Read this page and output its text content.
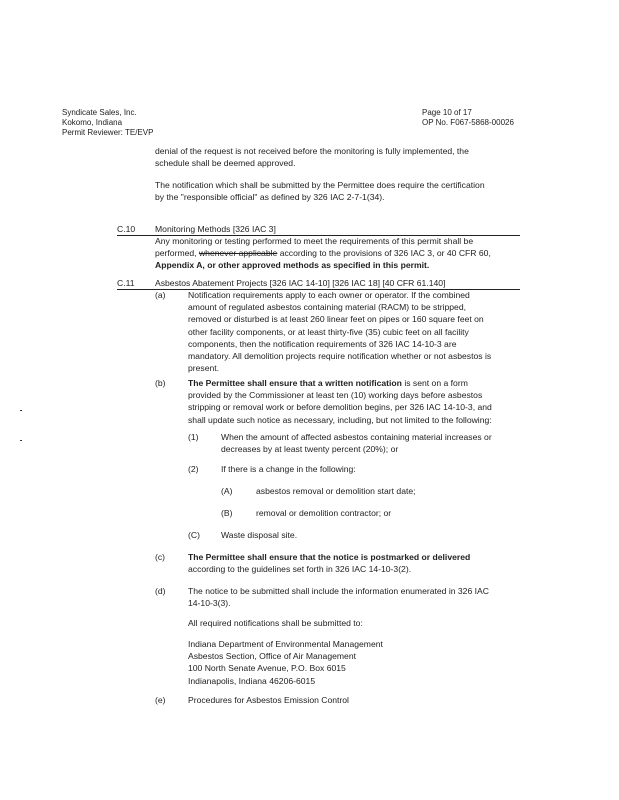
Syndicate Sales, Inc.
Kokomo, Indiana
Permit Reviewer: TE/EVP
Page 10 of 17
OP No. F067-5868-00026
denial of the request is not received before the monitoring is fully implemented, the
schedule shall be deemed approved.
The notification which shall be submitted by the Permittee does require the certification
by the "responsible official" as defined by 326 IAC 2-7-1(34).
C.10 Monitoring Methods [326 IAC 3]
Any monitoring or testing performed to meet the requirements of this permit shall be
performed, whenever applicable according to the provisions of 326 IAC 3, or 40 CFR 60,
Appendix A, or other approved methods as specified in this permit.
C.11 Asbestos Abatement Projects [326 IAC 14-10] [326 IAC 18] [40 CFR 61.140]
(a)	Notification requirements apply to each owner or operator. If the combined
amount of regulated asbestos containing material (RACM) to be stripped,
removed or disturbed is at least 260 linear feet on pipes or 160 square feet on
other facility components, or at least thirty-five (35) cubic feet on all facility
components, then the notification requirements of 326 IAC 14-10-3 are
mandatory. All demolition projects require notification whether or not asbestos is
present.
(b)	The Permittee shall ensure that a written notification is sent on a form
provided by the Commissioner at least ten (10) working days before asbestos
stripping or removal work or before demolition begins, per 326 IAC 14-10-3, and
shall update such notice as necessary, including, but not limited to the following:
(1)	When the amount of affected asbestos containing material increases or
decreases by at least twenty percent (20%); or
(2)	If there is a change in the following:
(A)	asbestos removal or demolition start date;
(B)	removal or demolition contractor; or
(C) Waste disposal site.
(c)	The Permittee shall ensure that the notice is postmarked or delivered
according to the guidelines set forth in 326 IAC 14-10-3(2).
(d)	The notice to be submitted shall include the information enumerated in 326 IAC
14-10-3(3).
All required notifications shall be submitted to:
Indiana Department of Environmental Management
Asbestos Section, Office of Air Management
100 North Senate Avenue, P.O. Box 6015
Indianapolis, Indiana 46206-6015
(e)	Procedures for Asbestos Emission Control
